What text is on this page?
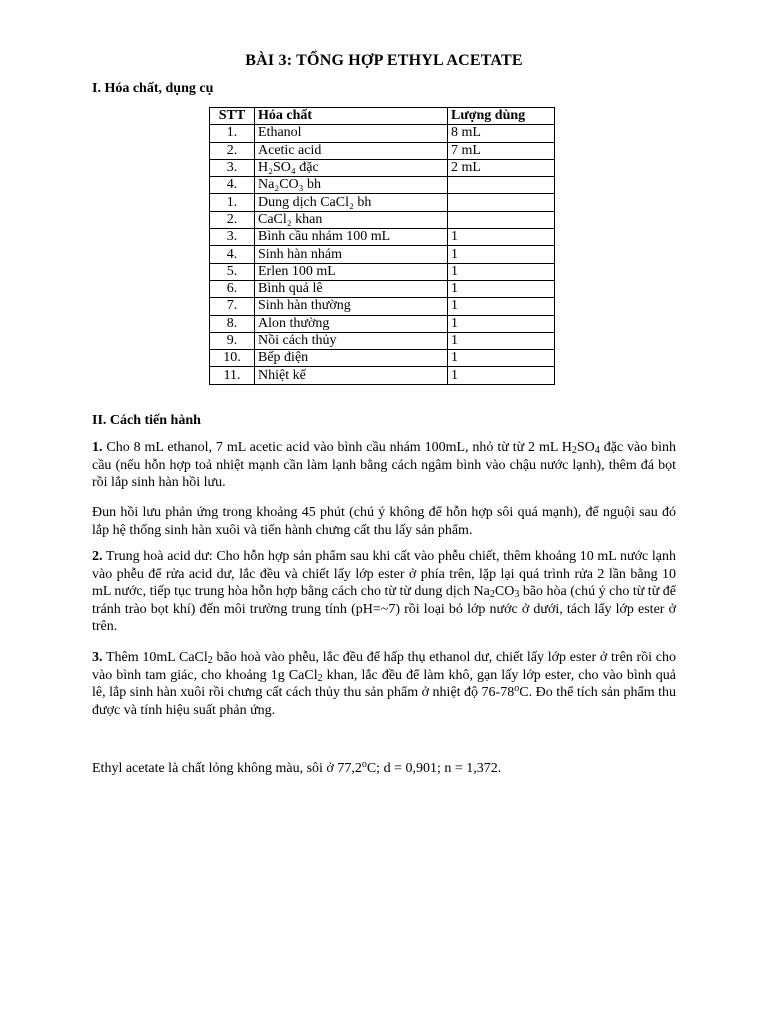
BÀI 3: TỔNG HỢP ETHYL ACETATE
I. Hóa chất, dụng cụ
STT	Hóa chất	Lượng dùng
1.	Ethanol	8 mL
2.	Acetic acid	7 mL
3.	H₂SO₄ đặc	2 mL
4.	Na₂CO₃ bh	
1.	Dung dịch CaCl₂ bh	
2.	CaCl₂ khan	
3.	Bình cầu nhám 100 mL	1
4.	Sinh hàn nhám	1
5.	Erlen 100 mL	1
6.	Bình quả lê	1
7.	Sinh hàn thường	1
8.	Alon thường	1
9.	Nồi cách thủy	1
10.	Bếp điện	1
11.	Nhiệt kế	1
II. Cách tiến hành
1. Cho 8 mL ethanol, 7 mL acetic acid vào bình cầu nhám 100mL, nhỏ từ từ 2 mL $H_2SO_4$ đặc vào bình cầu (nếu hỗn hợp toả nhiệt mạnh cần làm lạnh bằng cách ngâm bình vào chậu nước lạnh), thêm đá bọt rồi lắp sinh hàn hồi lưu.
Đun hồi lưu phản ứng trong khoảng 45 phút (chú ý không để hỗn hợp sôi quá mạnh), để nguội sau đó lắp hệ thống sinh hàn xuôi và tiến hành chưng cất thu lấy sản phẩm.
2. Trung hoà acid dư: Cho hỗn hợp sản phẩm sau khi cất vào phễu chiết, thêm khoảng 10 mL nước lạnh vào phễu để rửa acid dư, lắc đều và chiết lấy lớp ester ở phía trên, lặp lại quá trình rửa 2 lần bằng 10 mL nước, tiếp tục trung hòa hỗn hợp bằng cách cho từ từ dung dịch $Na_2CO_3$ bão hòa (chú ý cho từ từ để tránh trào bọt khí) đến môi trường trung tính (pH=~7) rồi loại bỏ lớp nước ở dưới, tách lấy lớp ester ở trên.
3. Thêm 10mL CaCl$_2$ bão hoà vào phễu, lắc đều để hấp thụ ethanol dư, chiết lấy lớp ester ở trên rồi cho vào bình tam giác, cho khoảng 1g CaCl$_2$ khan, lắc đều để làm khô, gạn lấy lớp ester, cho vào bình quả lê, lắp sinh hàn xuôi rồi chưng cất cách thủy thu sản phẩm ở nhiệt độ 76-78$^o$C. Đo thể tích sản phẩm thu được và tính hiệu suất phản ứng.
Ethyl acetate là chất lỏng không màu, sôi ở 77,2$^o$C; d = 0,901; n = 1,372.
